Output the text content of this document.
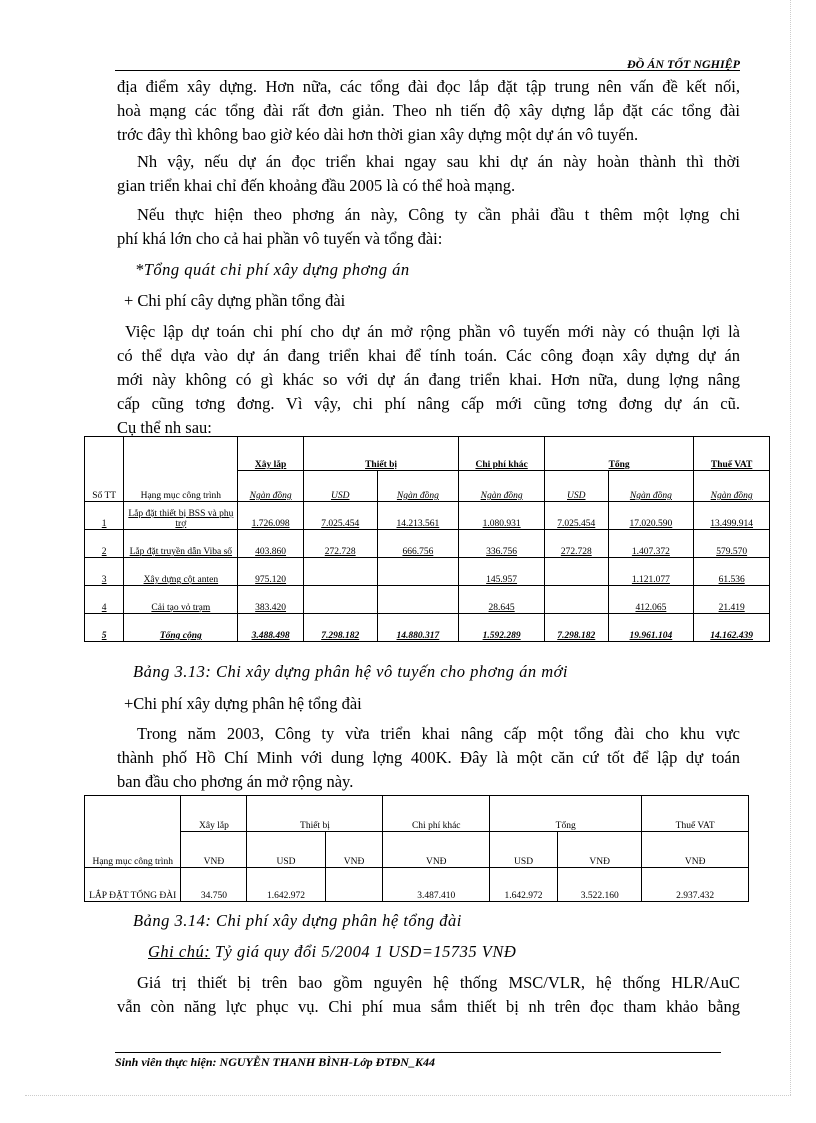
ĐỒ ÁN TỐT NGHIỆP
địa điểm xây dựng. Hơn nữa, các tổng đài đọc lắp đặt tập trung nên vấn đề kết nối,
hoà mạng các tổng đài rất đơn giản. Theo nh tiến độ xây dựng lắp đặt các tổng đài
trớc đây thì không bao giờ kéo dài hơn thời gian xây dựng một dự án vô tuyến.
Nh vậy, nếu dự án đọc triển khai ngay sau khi dự án này hoàn thành thì thời
gian triển khai chỉ đến khoảng đầu 2005 là có thể hoà mạng.
Nếu thực hiện theo phơng án này, Công ty cần phải đầu t thêm một lợng chi
phí khá lớn cho cả hai phần vô tuyến và tổng đài:
*Tổng quát chi phí xây dựng phơng án
+ Chi phí cây dựng phần tổng đài
Việc lập dự toán chi phí cho dự án mở rộng phần vô tuyến mới này có thuận lợi là
có thể dựa vào dự án đang triển khai để tính toán. Các công đoạn xây dựng dự án
mới này không có gì khác so với dự án đang triển khai. Hơn nữa, dung lợng nâng
cấp cũng tơng đơng. Vì vậy, chi phí nâng cấp mới cũng tơng đơng dự án cũ.
Cụ thể nh sau:
Số TT	Hạng mục công trình	Xây lắp	Thiết bị		Chi phí khác	Tổng		Thuế VAT
		Ngàn đồng	USD	Ngàn đồng	Ngàn đồng	USD	Ngàn đồng	Ngàn đồng
1	Lắp đặt thiết bị BSS và phụ trợ	1.726.098	7.025.454	14.213.561	1.080.931	7.025.454	17.020.590	13.499.914
2	Lắp đặt truyền dẫn Viba số	403.860	272.728	666.756	336.756	272.728	1.407.372	579.570
3	Xây dựng cột anten	975.120			145.957		1.121.077	61.536
4	Cải tạo vỏ trạm	383.420			28.645		412.065	21.419
5	Tổng cộng	3.488.498	7.298.182	14.880.317	1.592.289	7.298.182	19.961.104	14.162.439
Bảng 3.13: Chi xây dựng phân hệ vô tuyến cho phơng án mới
+Chi phí xây dựng phân hệ tổng đài
Trong năm 2003, Công ty vừa triển khai nâng cấp một tổng đài cho khu vực
thành phố Hồ Chí Minh với dung lợng 400K. Đây là một căn cứ tốt để lập dự toán
ban đầu cho phơng án mở rộng này.
Hạng mục công trình	Xây lắp	Thiết bị		Chi phí khác	Tổng		Thuế VAT
	VNĐ	USD	VNĐ	VNĐ	USD	VNĐ	VNĐ
LẮP ĐẶT TỔNG ĐÀI	34.750	1.642.972		3.487.410	1.642.972	3.522.160	2.937.432
Bảng 3.14: Chi phí xây dựng phân hệ tổng đài
Ghi chú: Tỷ giá quy đổi 5/2004 1 USD=15735 VNĐ
Giá trị thiết bị trên bao gồm nguyên hệ thống MSC/VLR, hệ thống HLR/AuC
vẫn còn năng lực phục vụ. Chi phí mua sắm thiết bị nh trên đọc tham khảo bằng
Sinh viên thực hiện: NGUYỄN THANH BÌNH-Lớp ĐTĐN_K44
